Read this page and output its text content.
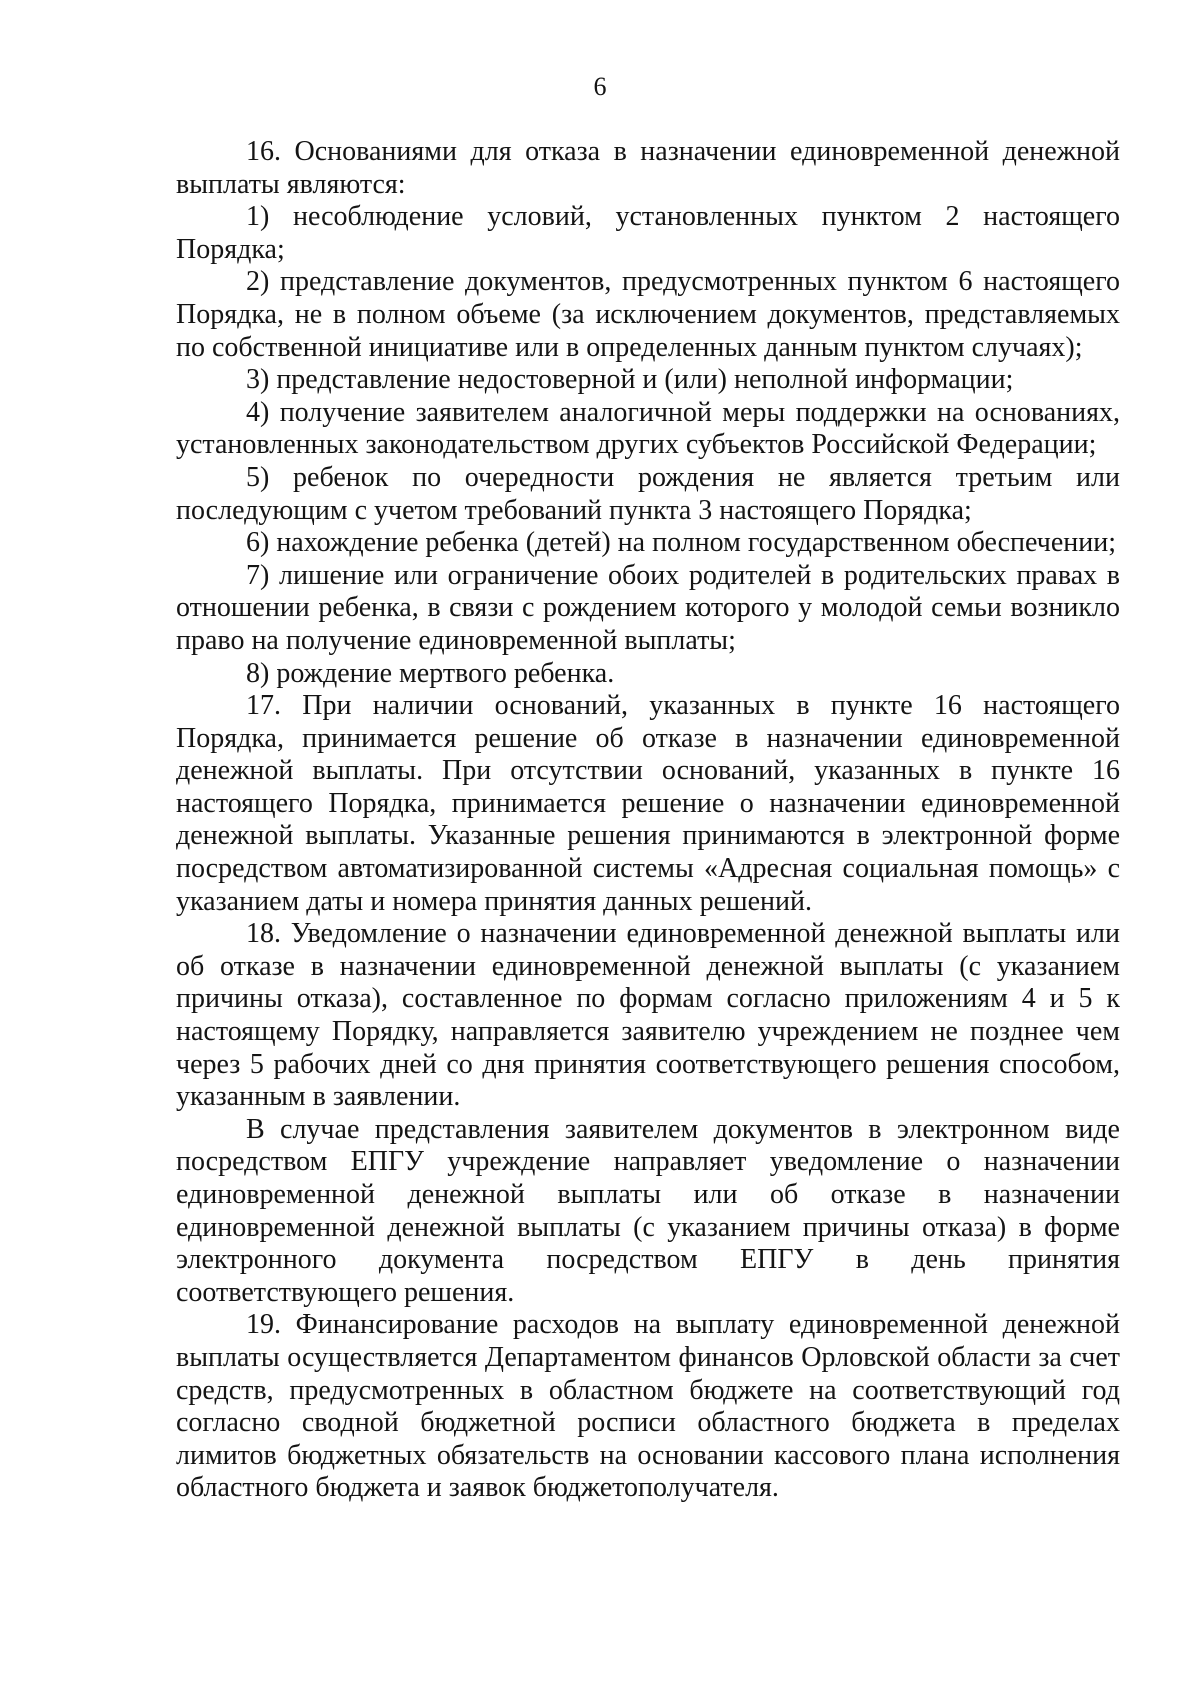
6

16. Основаниями для отказа в назначении единовременной денежной выплаты являются:

1) несоблюдение условий, установленных пунктом 2 настоящего Порядка;

2) представление документов, предусмотренных пунктом 6 настоящего Порядка, не в полном объеме (за исключением документов, представляемых по собственной инициативе или в определенных данным пунктом случаях);

3) представление недостоверной и (или) неполной информации;

4) получение заявителем аналогичной меры поддержки на основаниях, установленных законодательством других субъектов Российской Федерации;

5) ребенок по очередности рождения не является третьим или последующим с учетом требований пункта 3 настоящего Порядка;

6) нахождение ребенка (детей) на полном государственном обеспечении;

7) лишение или ограничение обоих родителей в родительских правах в отношении ребенка, в связи с рождением которого у молодой семьи возникло право на получение единовременной выплаты;

8) рождение мертвого ребенка.

17. При наличии оснований, указанных в пункте 16 настоящего Порядка, принимается решение об отказе в назначении единовременной денежной выплаты. При отсутствии оснований, указанных в пункте 16 настоящего Порядка, принимается решение о назначении единовременной денежной выплаты. Указанные решения принимаются в электронной форме посредством автоматизированной системы «Адресная социальная помощь» с указанием даты и номера принятия данных решений.

18. Уведомление о назначении единовременной денежной выплаты или об отказе в назначении единовременной денежной выплаты (с указанием причины отказа), составленное по формам согласно приложениям 4 и 5 к настоящему Порядку, направляется заявителю учреждением не позднее чем через 5 рабочих дней со дня принятия соответствующего решения способом, указанным в заявлении.

В случае представления заявителем документов в электронном виде посредством ЕПГУ учреждение направляет уведомление о назначении единовременной денежной выплаты или об отказе в назначении единовременной денежной выплаты (с указанием причины отказа) в форме электронного документа посредством ЕПГУ в день принятия соответствующего решения.

19. Финансирование расходов на выплату единовременной денежной выплаты осуществляется Департаментом финансов Орловской области за счет средств, предусмотренных в областном бюджете на соответствующий год согласно сводной бюджетной росписи областного бюджета в пределах лимитов бюджетных обязательств на основании кассового плана исполнения областного бюджета и заявок бюджетополучателя.
